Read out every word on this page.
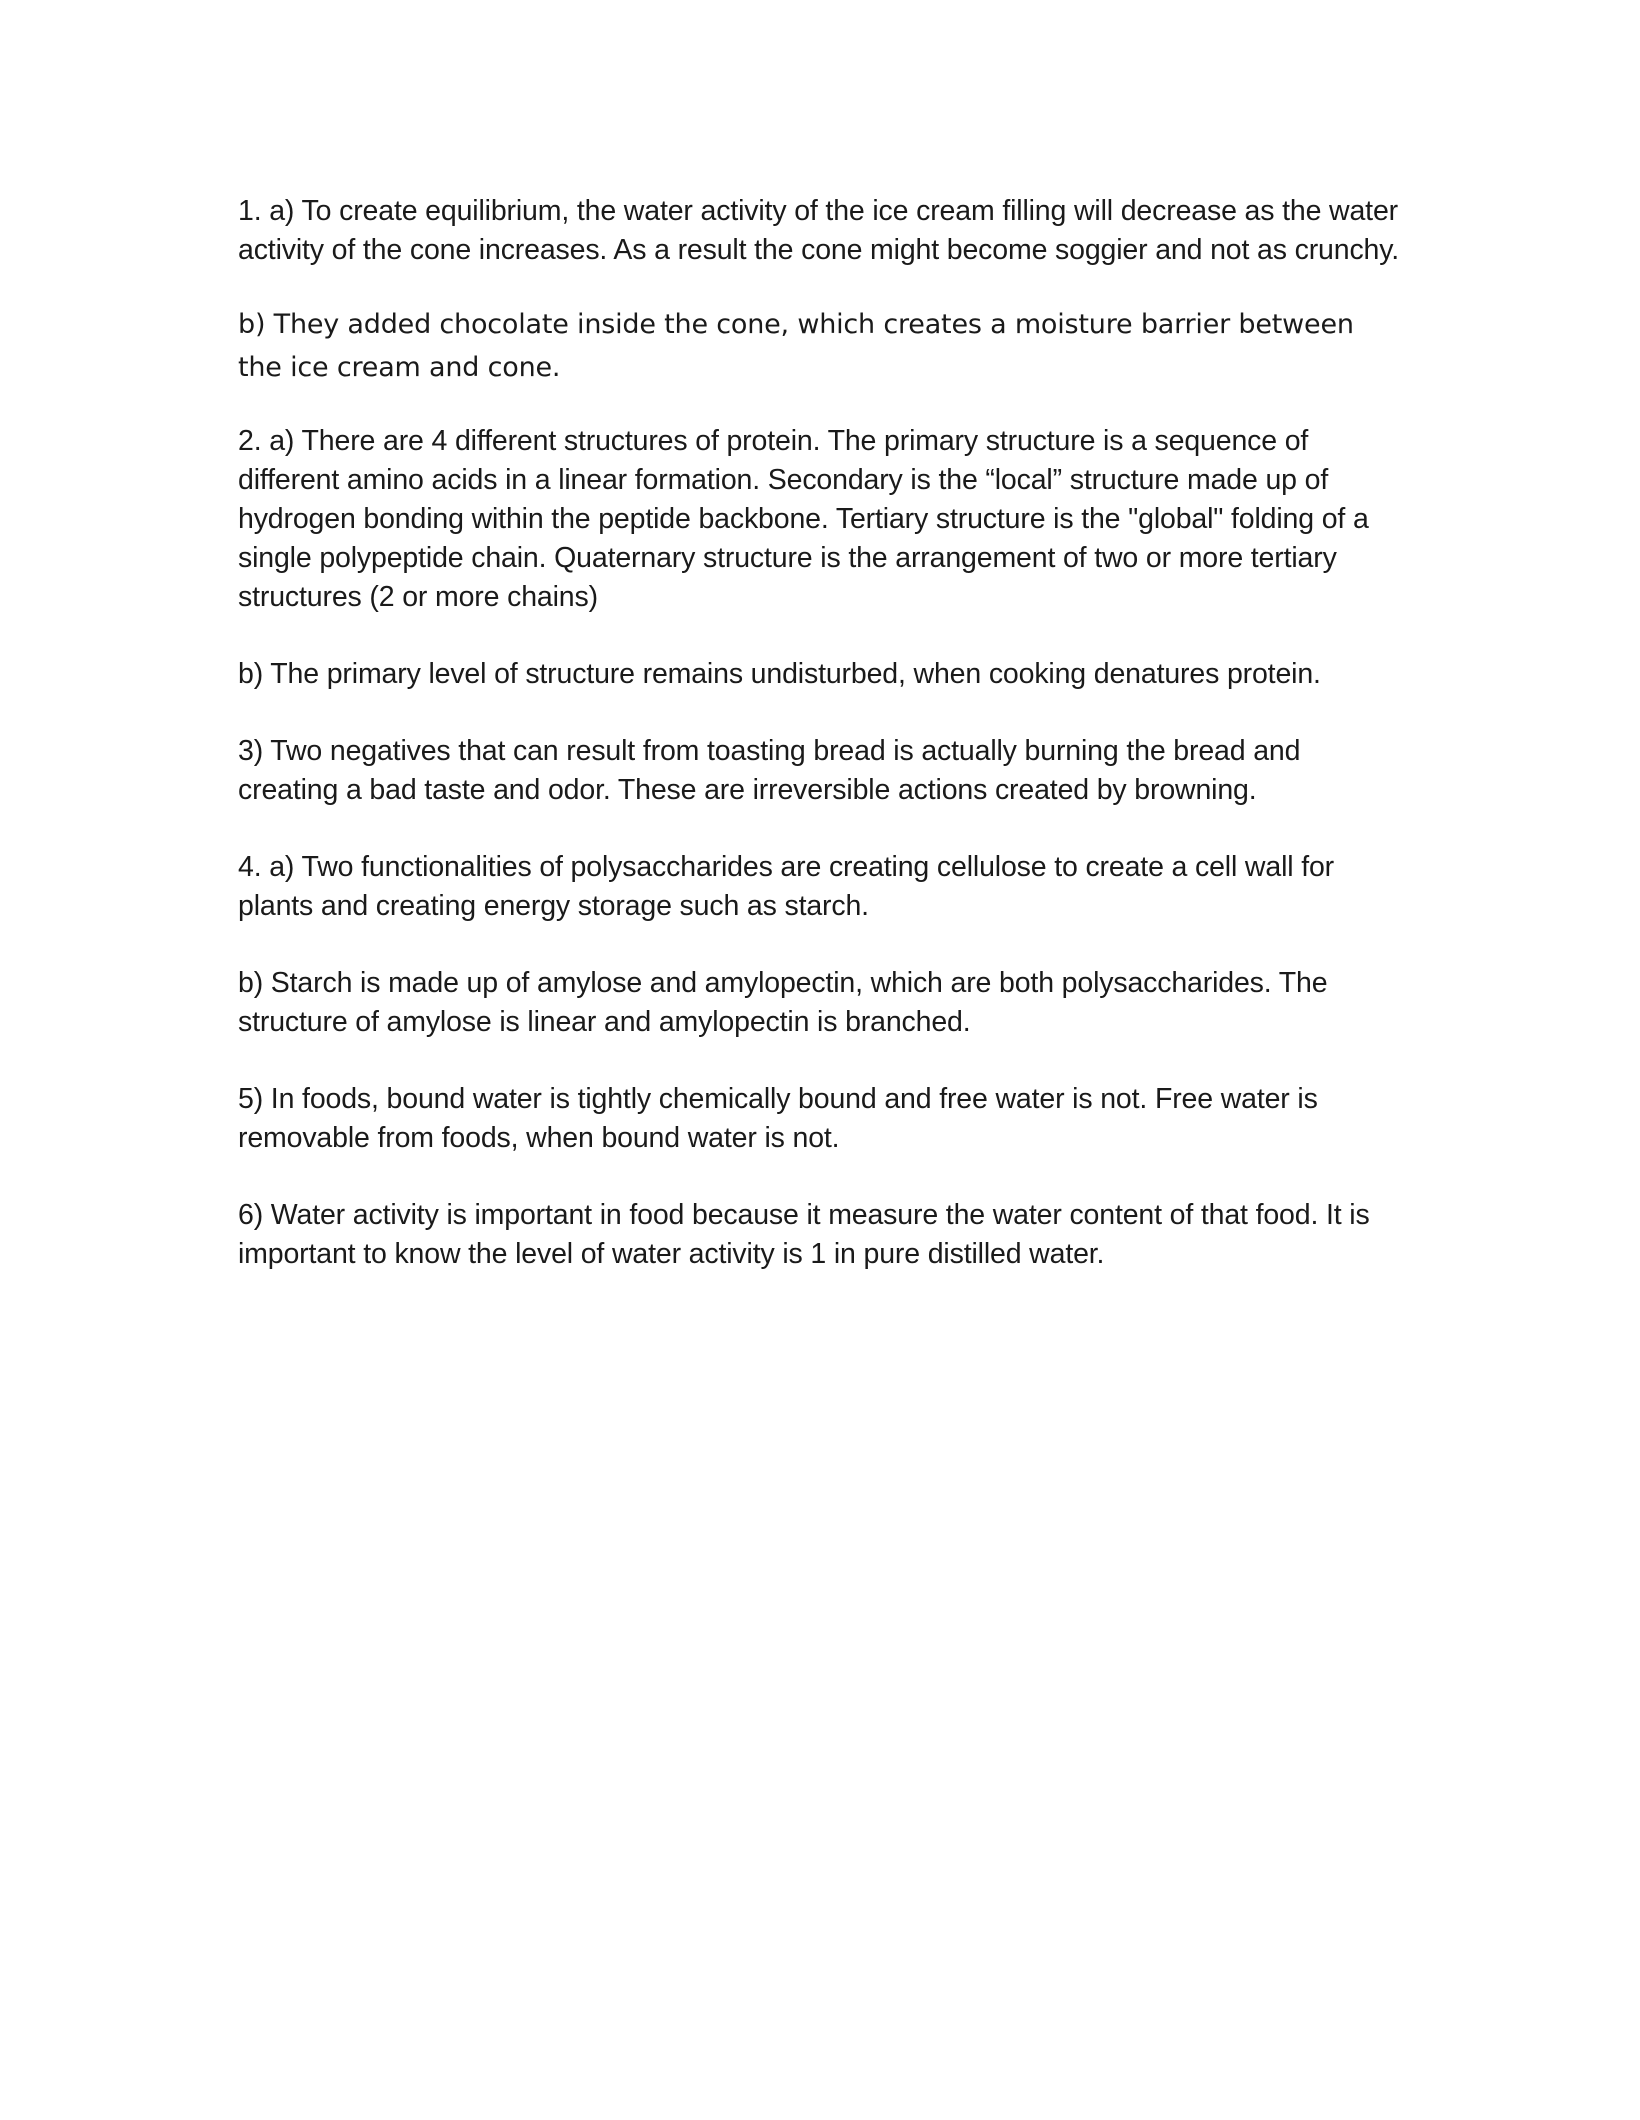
1. a) To create equilibrium, the water activity of the ice cream filling will decrease as the water activity of the cone increases. As a result the cone might become soggier and not as crunchy.

b) They added chocolate inside the cone, which creates a moisture barrier between the ice cream and cone.

2. a) There are 4 different structures of protein. The primary structure is a sequence of different amino acids in a linear formation. Secondary is the “local” structure made up of hydrogen bonding within the peptide backbone. Tertiary structure is the "global" folding of a single polypeptide chain. Quaternary structure is the arrangement of two or more tertiary structures (2 or more chains)

b) The primary level of structure remains undisturbed, when cooking denatures protein.

3) Two negatives that can result from toasting bread is actually burning the bread and creating a bad taste and odor. These are irreversible actions created by browning.

4. a) Two functionalities of polysaccharides are creating cellulose to create a cell wall for plants and creating energy storage such as starch.

b) Starch is made up of amylose and amylopectin, which are both polysaccharides. The structure of amylose is linear and amylopectin is branched.

5) In foods, bound water is tightly chemically bound and free water is not. Free water is removable from foods, when bound water is not.

6) Water activity is important in food because it measure the water content of that food. It is important to know the level of water activity is 1 in pure distilled water.
